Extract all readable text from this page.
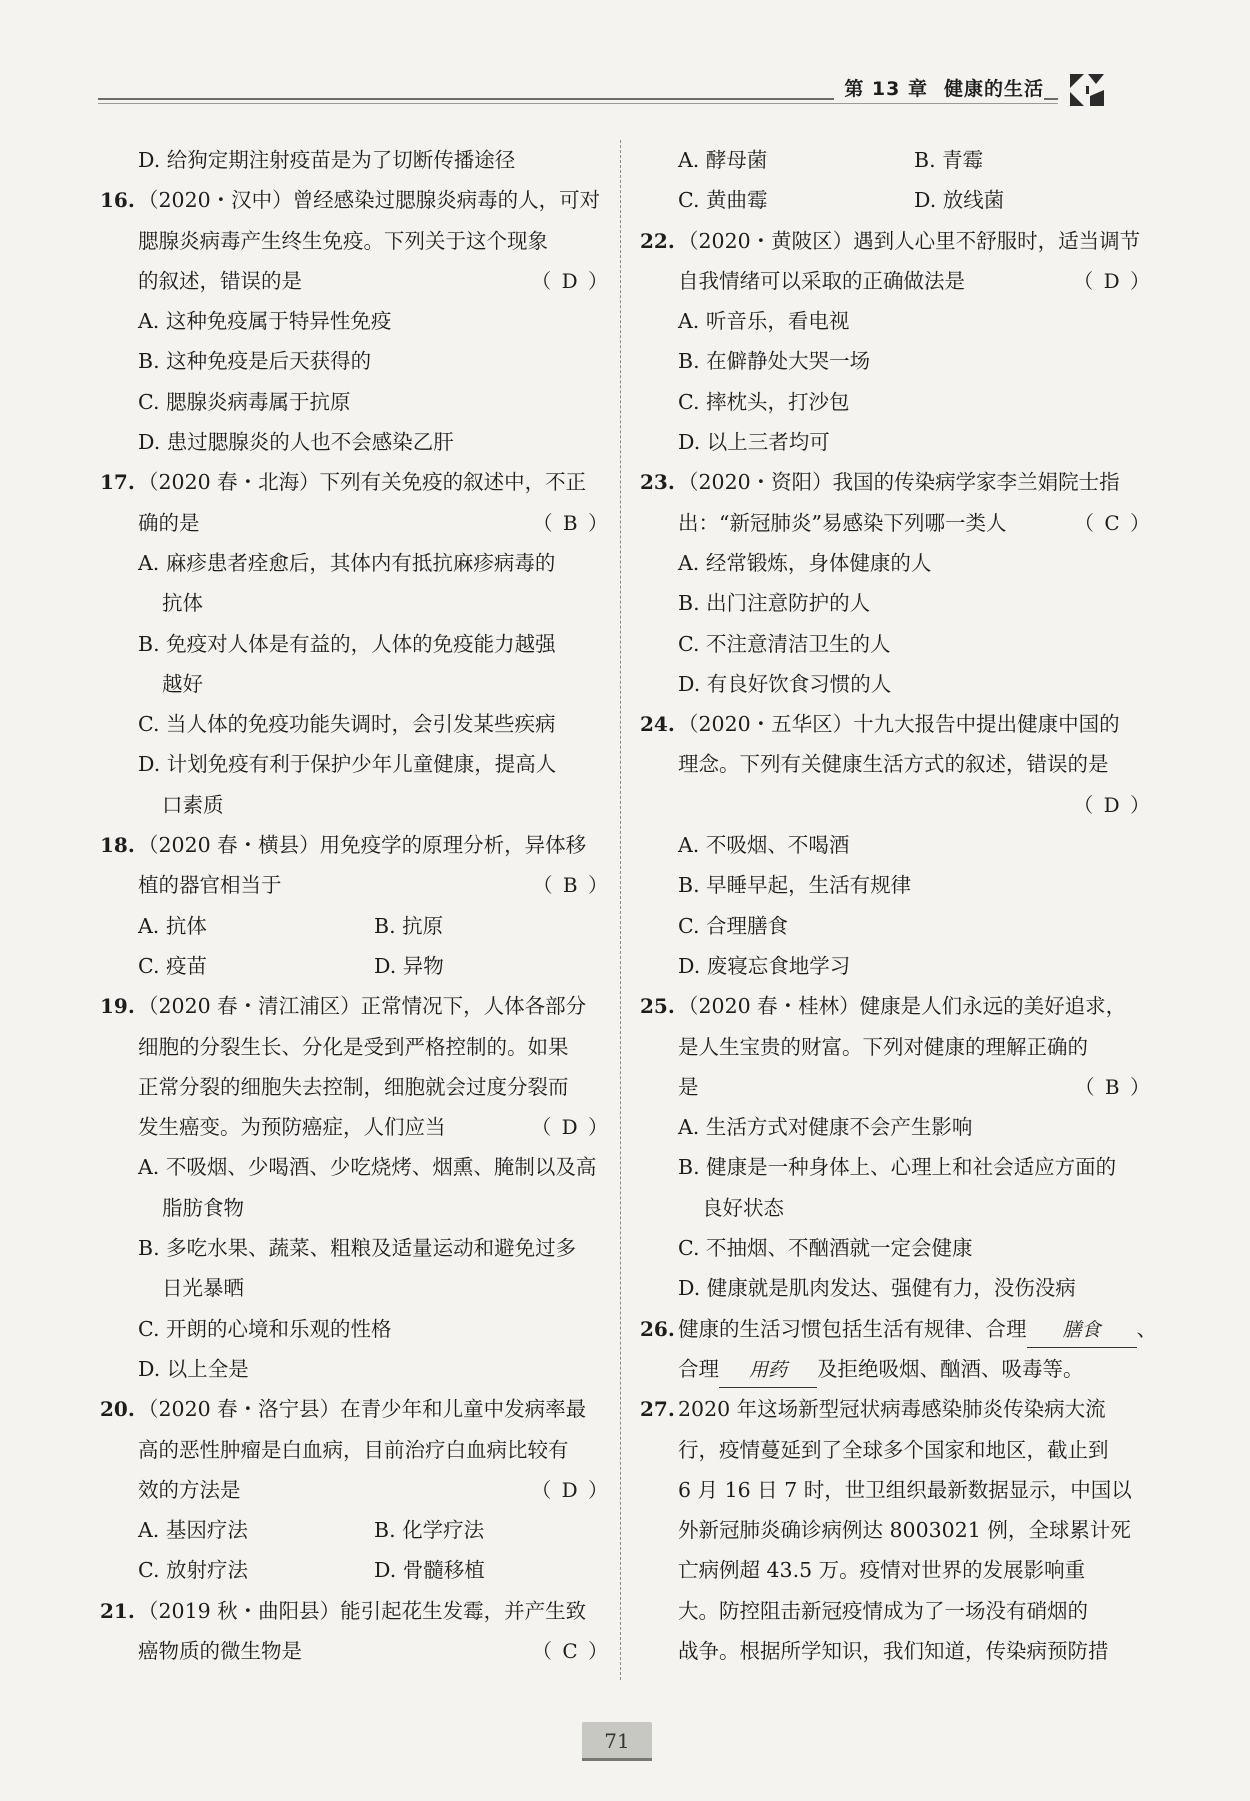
第 13 章 健康的生活
D. 给狗定期注射疫苗是为了切断传播途径
16. （2020・汉中）曾经感染过腮腺炎病毒的人，可对
腮腺炎病毒产生终生免疫。下列关于这个现象
的叙述，错误的是	（ D ）
A. 这种免疫属于特异性免疫
B. 这种免疫是后天获得的
C. 腮腺炎病毒属于抗原
D. 患过腮腺炎的人也不会感染乙肝
17. （2020 春・北海）下列有关免疫的叙述中，不正
确的是	（ B ）
A. 麻疹患者痊愈后，其体内有抵抗麻疹病毒的
抗体
B. 免疫对人体是有益的，人体的免疫能力越强
越好
C. 当人体的免疫功能失调时，会引发某些疾病
D. 计划免疫有利于保护少年儿童健康，提高人
口素质
18. （2020 春・横县）用免疫学的原理分析，异体移
植的器官相当于	（ B ）
A. 抗体	B. 抗原
C. 疫苗	D. 异物
19. （2020 春・清江浦区）正常情况下，人体各部分
细胞的分裂生长、分化是受到严格控制的。如果
正常分裂的细胞失去控制，细胞就会过度分裂而
发生癌变。为预防癌症，人们应当	（ D ）
A. 不吸烟、少喝酒、少吃烧烤、烟熏、腌制以及高
脂肪食物
B. 多吃水果、蔬菜、粗粮及适量运动和避免过多
日光暴晒
C. 开朗的心境和乐观的性格
D. 以上全是
20. （2020 春・洛宁县）在青少年和儿童中发病率最
高的恶性肿瘤是白血病，目前治疗白血病比较有
效的方法是	（ D ）
A. 基因疗法	B. 化学疗法
C. 放射疗法	D. 骨髓移植
21. （2019 秋・曲阳县）能引起花生发霉，并产生致
癌物质的微生物是	（ C ）
A. 酵母菌	B. 青霉
C. 黄曲霉	D. 放线菌
22. （2020・黄陂区）遇到人心里不舒服时，适当调节
自我情绪可以采取的正确做法是	（ D ）
A. 听音乐，看电视
B. 在僻静处大哭一场
C. 摔枕头，打沙包
D. 以上三者均可
23. （2020・资阳）我国的传染病学家李兰娟院士指
出：“新冠肺炎”易感染下列哪一类人	（ C ）
A. 经常锻炼，身体健康的人
B. 出门注意防护的人
C. 不注意清洁卫生的人
D. 有良好饮食习惯的人
24. （2020・五华区）十九大报告中提出健康中国的
理念。下列有关健康生活方式的叙述，错误的是
（ D ）
A. 不吸烟、不喝酒
B. 早睡早起，生活有规律
C. 合理膳食
D. 废寝忘食地学习
25. （2020 春・桂林）健康是人们永远的美好追求，
是人生宝贵的财富。下列对健康的理解正确的
是	（ B ）
A. 生活方式对健康不会产生影响
B. 健康是一种身体上、心理上和社会适应方面的
良好状态
C. 不抽烟、不酗酒就一定会健康
D. 健康就是肌肉发达、强健有力，没伤没病
26. 健康的生活习惯包括生活有规律、合理 膳食 、
合理 用药 及拒绝吸烟、酗酒、吸毒等。
27. 2020 年这场新型冠状病毒感染肺炎传染病大流
行，疫情蔓延到了全球多个国家和地区，截止到
6 月 16 日 7 时，世卫组织最新数据显示，中国以
外新冠肺炎确诊病例达 8003021 例，全球累计死
亡病例超 43.5 万。疫情对世界的发展影响重
大。防控阻击新冠疫情成为了一场没有硝烟的
战争。根据所学知识，我们知道，传染病预防措
71
